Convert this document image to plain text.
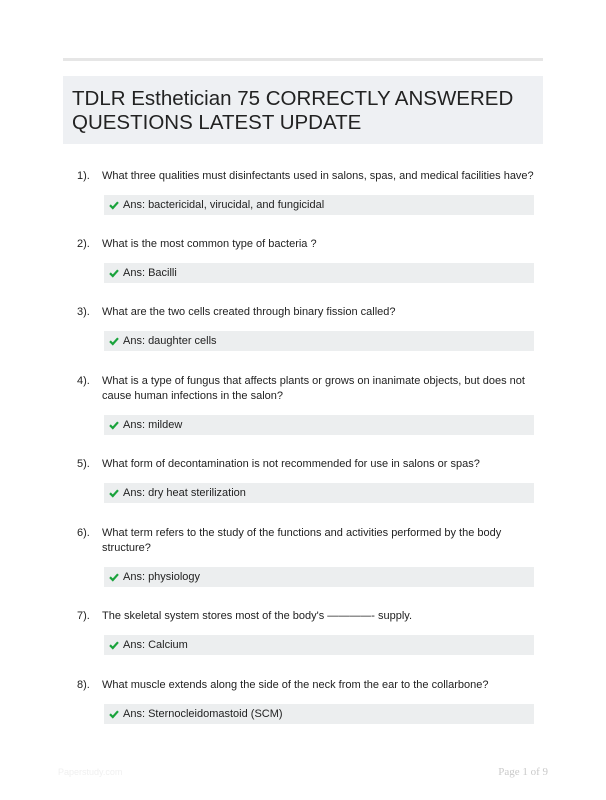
TDLR Esthetician 75 CORRECTLY ANSWERED QUESTIONS LATEST UPDATE
1).	What three qualities must disinfectants used in salons, spas, and medical facilities have?
Ans: bactericidal, virucidal, and fungicidal
2).	What is the most common type of bacteria ?
Ans: Bacilli
3).	What are the two cells created through binary fission called?
Ans: daughter cells
4).	What is a type of fungus that affects plants or grows on inanimate objects, but does not cause human infections in the salon?
Ans: mildew
5).	What form of decontamination is not recommended for use in salons or spas?
Ans: dry heat sterilization
6).	What term refers to the study of the functions and activities performed by the body structure?
Ans: physiology
7).	The skeletal system stores most of the body's ————- supply.
Ans: Calcium
8).	What muscle extends along the side of the neck from the ear to the collarbone?
Ans: Sternocleidomastoid (SCM)
Paperstudy.com	Page 1 of 9
